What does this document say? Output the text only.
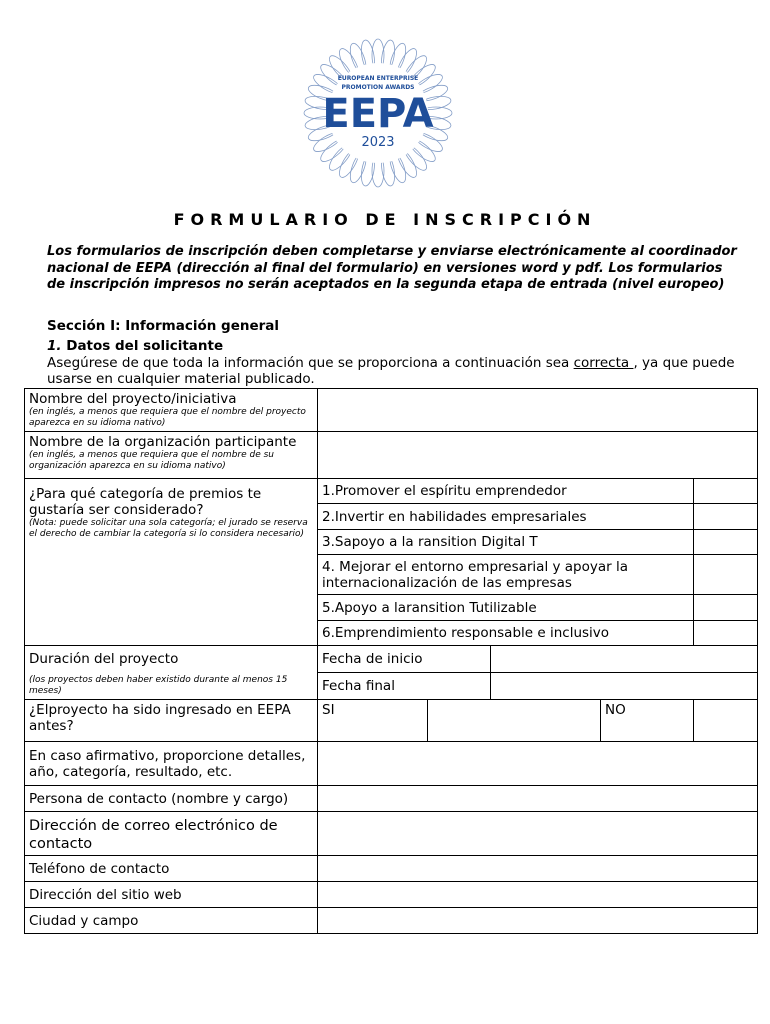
EUROPEAN ENTERPRISE
PROMOTION AWARDS
EEPA
2023
FORMULARIO DE INSCRIPCIÓN

Los formularios de inscripción deben completarse y enviarse electrónicamente al coordinador nacional de EEPA (dirección al final del formulario) en versiones word y pdf. Los formularios de inscripción impresos no serán aceptados en la segunda etapa de entrada (nivel europeo)

Sección I: Información general

1. Datos del solicitante

Asegúrese de que toda la información que se proporciona a continuación sea correcta , ya que puede usarse en cualquier material publicado.

Nombre del proyecto/iniciativa
(en inglés, a menos que requiera que el nombre del proyecto aparezca en su idioma nativo)					

Nombre de la organización participante
(en inglés, a menos que requiera que el nombre de su organización aparezca en su idioma nativo)					

¿Para qué categoría de premios te gustaría ser considerado?
(Nota: puede solicitar una sola categoría; el jurado se reserva el derecho de cambiar la categoría si lo considera necesario)	1.Promover el espíritu emprendedor				
	2.Invertir en habilidades empresariales				
	3.Sapoyo a la ransition Digital T				
	4. Mejorar el entorno empresarial y apoyar la internacionalización de las empresas				
	5.Apoyo a laransition Tutilizable				
	6.Emprendimiento responsable e inclusivo				
Duración del proyecto
(los proyectos deben haber existido durante al menos 15 meses)	Fecha de inicio				
	Fecha final				
¿Elproyecto ha sido ingresado en EEPA antes?	SI			NO	
En caso afirmativo, proporcione detalles, año, categoría, resultado, etc.					
Persona de contacto (nombre y cargo)					
Dirección de correo electrónico de contacto					
Teléfono de contacto					
Dirección del sitio web					
Ciudad y campo					
